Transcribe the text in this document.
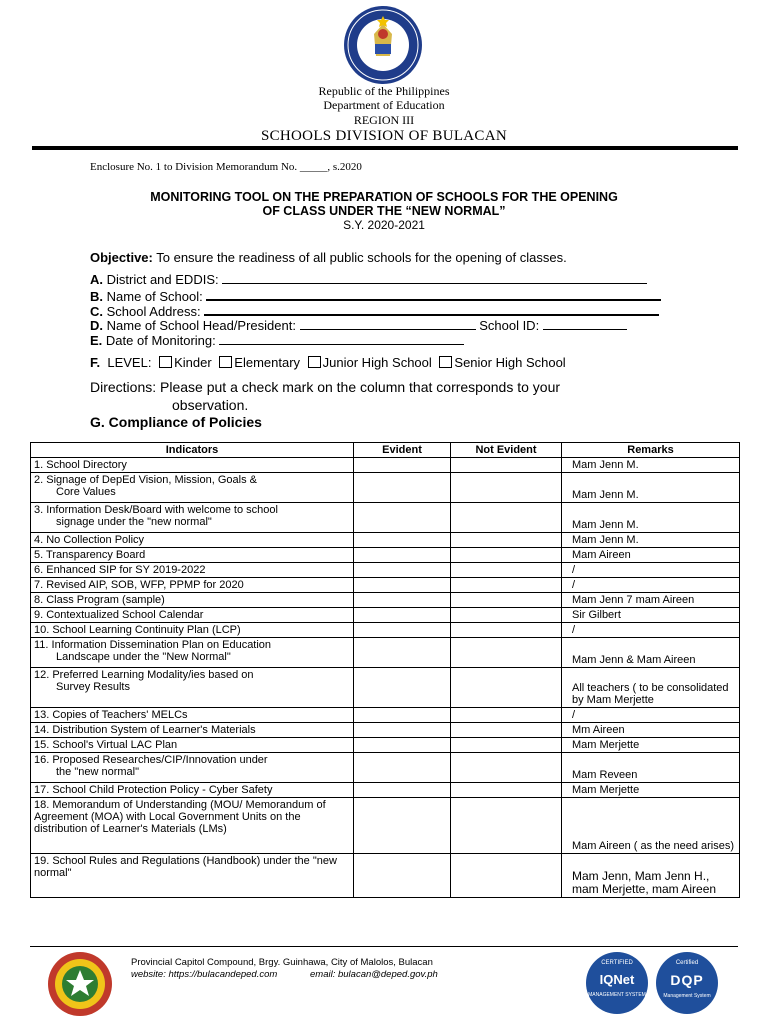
Republic of the Philippines
Department of Education
REGION III
SCHOOLS DIVISION OF BULACAN
Enclosure No. 1 to Division Memorandum No. _____, s.2020
MONITORING TOOL ON THE PREPARATION OF SCHOOLS FOR THE OPENING
OF CLASS UNDER THE “NEW NORMAL”
S.Y. 2020-2021
Objective: To ensure the readiness of all public schools for the opening of classes.
A. District and EDDIS:
B. Name of School:
C. School Address:
D. Name of School Head/President:	School ID:
E. Date of Monitoring:
F. LEVEL: Kinder Elementary Junior High School Senior High School
Directions: Please put a check mark on the column that corresponds to your
observation.
G. Compliance of Policies
Indicators	Evident	Not Evident	Remarks
1. School Directory			Mam Jenn M.
2. Signage of DepEd Vision, Mission, Goals &
Core Values			Mam Jenn M.
3. Information Desk/Board with welcome to school
signage under the "new normal"			Mam Jenn M.
4. No Collection Policy			Mam Jenn M.
5. Transparency Board			Mam Aireen
6. Enhanced SIP for SY 2019-2022			/
7. Revised AIP, SOB, WFP, PPMP for 2020			/
8. Class Program (sample)			Mam Jenn 7 mam Aireen
9. Contextualized School Calendar			Sir Gilbert
10. School Learning Continuity Plan (LCP)			/
11. Information Dissemination Plan on Education
Landscape under the "New Normal"			Mam Jenn & Mam Aireen
12. Preferred Learning Modality/ies based on
Survey Results			All teachers ( to be consolidated by Mam Merjette
13. Copies of Teachers' MELCs			/
14. Distribution System of Learner's Materials			Mm Aireen
15. School's Virtual LAC Plan			Mam Merjette
16. Proposed Researches/CIP/Innovation under
the "new normal"			Mam Reveen
17. School Child Protection Policy - Cyber Safety			Mam Merjette
18. Memorandum of Understanding (MOU/ Memorandum of Agreement (MOA) with Local Government Units on the distribution of Learner's Materials (LMs)			Mam Aireen ( as the need arises)
19. School Rules and Regulations (Handbook) under the "new normal"			Mam Jenn, Mam Jenn H., mam Merjette, mam Aireen
Provincial Capitol Compound, Brgy. Guinhawa, City of Malolos, Bulacan
website: https://bulacandeped.com	email: bulacan@deped.gov.ph
CERTIFIED
IQNet
MANAGEMENT SYSTEM
Certified
DQP
Management System
